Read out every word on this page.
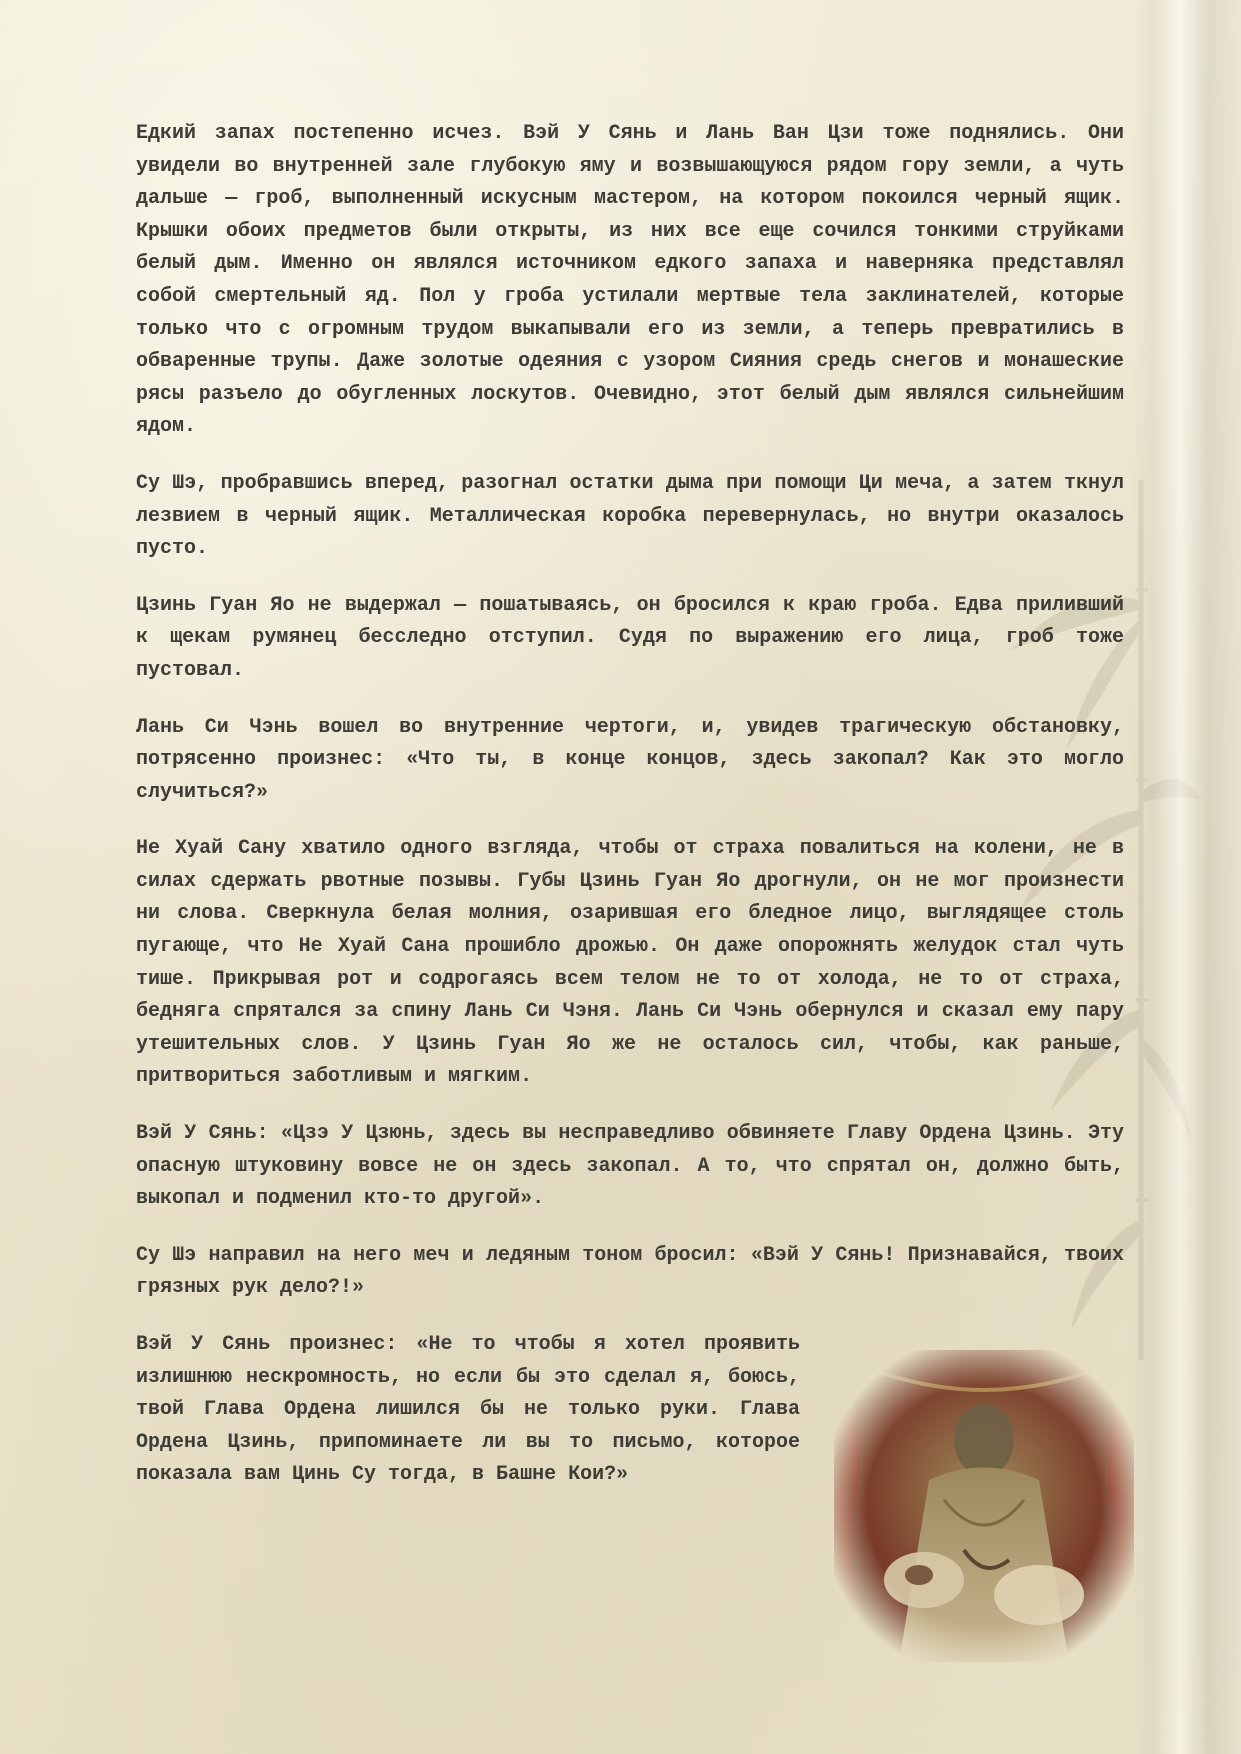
Едкий запах постепенно исчез. Вэй У Сянь и Лань Ван Цзи тоже поднялись. Они увидели во внутренней зале глубокую яму и возвышающуюся рядом гору земли, а чуть дальше — гроб, выполненный искусным мастером, на котором покоился черный ящик. Крышки обоих предметов были открыты, из них все еще сочился тонкими струйками белый дым. Именно он являлся источником едкого запаха и наверняка представлял собой смертельный яд. Пол у гроба устилали мертвые тела заклинателей, которые только что с огромным трудом выкапывали его из земли, а теперь превратились в обваренные трупы. Даже золотые одеяния с узором Сияния средь снегов и монашеские рясы разъело до обугленных лоскутов. Очевидно, этот белый дым являлся сильнейшим ядом.

Су Шэ, пробравшись вперед, разогнал остатки дыма при помощи Ци меча, а затем ткнул лезвием в черный ящик. Металлическая коробка перевернулась, но внутри оказалось пусто.

Цзинь Гуан Яо не выдержал — пошатываясь, он бросился к краю гроба. Едва приливший к щекам румянец бесследно отступил. Судя по выражению его лица, гроб тоже пустовал.

Лань Си Чэнь вошел во внутренние чертоги, и, увидев трагическую обстановку, потрясенно произнес: «Что ты, в конце концов, здесь закопал? Как это могло случиться?»

Не Хуай Сану хватило одного взгляда, чтобы от страха повалиться на колени, не в силах сдержать рвотные позывы. Губы Цзинь Гуан Яо дрогнули, он не мог произнести ни слова. Сверкнула белая молния, озарившая его бледное лицо, выглядящее столь пугающе, что Не Хуай Сана прошибло дрожью. Он даже опорожнять желудок стал чуть тише. Прикрывая рот и содрогаясь всем телом не то от холода, не то от страха, бедняга спрятался за спину Лань Си Чэня. Лань Си Чэнь обернулся и сказал ему пару утешительных слов. У Цзинь Гуан Яо же не осталось сил, чтобы, как раньше, притвориться заботливым и мягким.

Вэй У Сянь: «Цзэ У Цзюнь, здесь вы несправедливо обвиняете Главу Ордена Цзинь. Эту опасную штуковину вовсе не он здесь закопал. А то, что спрятал он, должно быть, выкопал и подменил кто-то другой».

Су Шэ направил на него меч и ледяным тоном бросил: «Вэй У Сянь! Признавайся, твоих грязных рук дело?!»

Вэй У Сянь произнес: «Не то чтобы я хотел проявить излишнюю нескромность, но если бы это сделал я, боюсь, твой Глава Ордена лишился бы не только руки. Глава Ордена Цзинь, припоминаете ли вы то письмо, которое показала вам Цинь Су тогда, в Башне Кои?»
